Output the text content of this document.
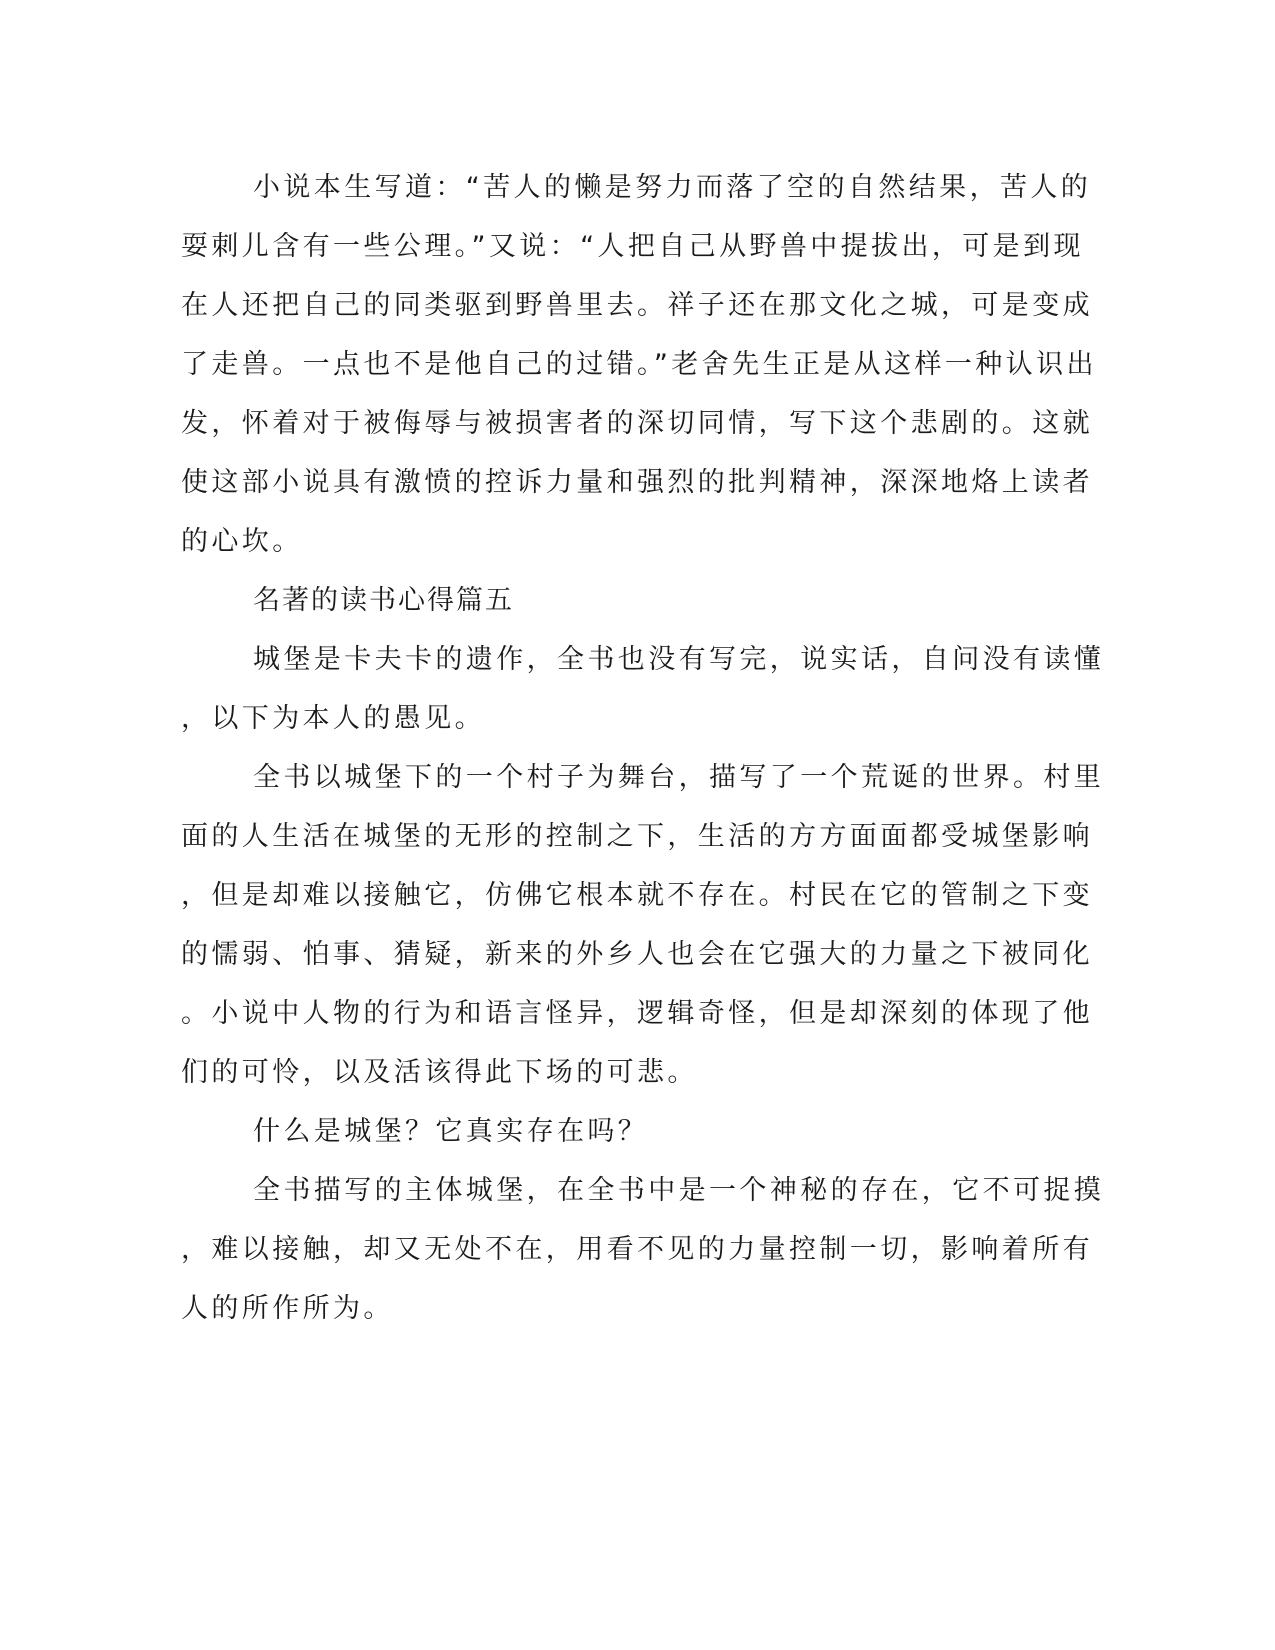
小说本生写道：“苦人的懒是努力而落了空的自然结果，苦人的
耍刺儿含有一些公理。”又说：“人把自己从野兽中提拔出，可是到现
在人还把自己的同类驱到野兽里去。祥子还在那文化之城，可是变成
了走兽。一点也不是他自己的过错。”老舍先生正是从这样一种认识出
发，怀着对于被侮辱与被损害者的深切同情，写下这个悲剧的。这就
使这部小说具有激愤的控诉力量和强烈的批判精神，深深地烙上读者
的心坎。
名著的读书心得篇五
城堡是卡夫卡的遗作，全书也没有写完，说实话，自问没有读懂
，以下为本人的愚见。
全书以城堡下的一个村子为舞台，描写了一个荒诞的世界。村里
面的人生活在城堡的无形的控制之下，生活的方方面面都受城堡影响
，但是却难以接触它，仿佛它根本就不存在。村民在它的管制之下变
的懦弱、怕事、猜疑，新来的外乡人也会在它强大的力量之下被同化
。小说中人物的行为和语言怪异，逻辑奇怪，但是却深刻的体现了他
们的可怜，以及活该得此下场的可悲。
什么是城堡？它真实存在吗？
全书描写的主体城堡，在全书中是一个神秘的存在，它不可捉摸
，难以接触，却又无处不在，用看不见的力量控制一切，影响着所有
人的所作所为。
